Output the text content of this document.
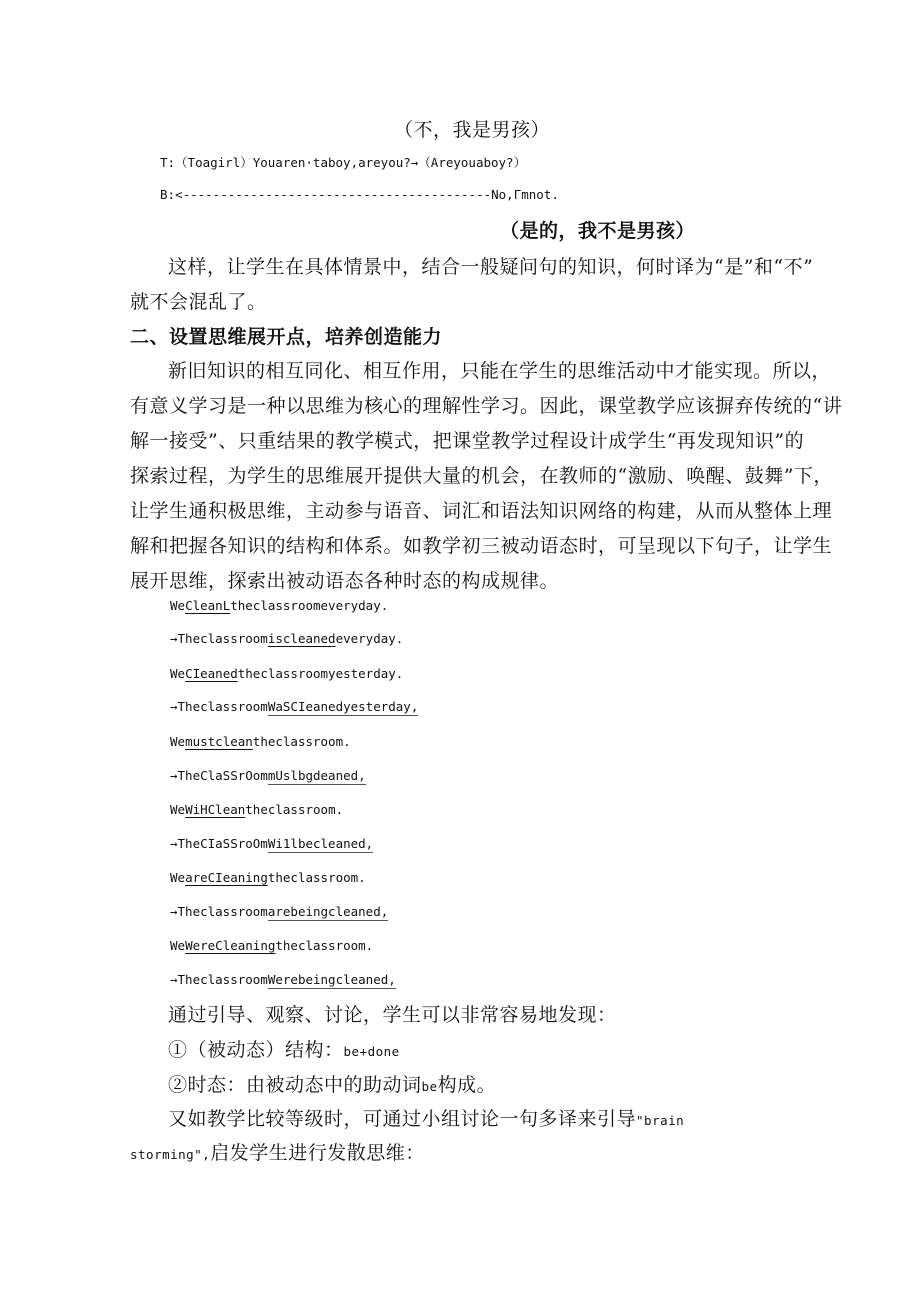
（不，我是男孩）
T:（Toagirl）Youaren·taboy,areyou?→（Areyouaboy?）
B:<-----------------------------------------No,Γmnot.
（是的，我不是男孩）
这样，让学生在具体情景中，结合一般疑问句的知识，何时译为“是”和“不”
就不会混乱了。
二、设置思维展开点，培养创造能力
新旧知识的相互同化、相互作用，只能在学生的思维活动中才能实现。所以，
有意义学习是一种以思维为核心的理解性学习。因此，课堂教学应该摒弃传统的“讲
解一接受”、只重结果的教学模式，把课堂教学过程设计成学生“再发现知识”的
探索过程，为学生的思维展开提供大量的机会，在教师的“激励、唤醒、鼓舞”下，
让学生通积极思维，主动参与语音、词汇和语法知识网络的构建，从而从整体上理
解和把握各知识的结构和体系。如教学初三被动语态时，可呈现以下句子，让学生
展开思维，探索出被动语态各种时态的构成规律。
WeCleanLtheclassroomeveryday.
→Theclassroomiscleanedeveryday.
WeCIeanedtheclassroomyesterday.
→TheclassroomWaSCIeanedyesterday,
Wemustcleantheclassroom.
→TheClaSSrOommUslbgdeaned,
WeWiHCleantheclassroom.
→TheCIaSSroOmWi1lbecleaned,
WeareCIeaningtheclassroom.
→Theclassroomarebeingcleaned,
WeWereCleaningtheclassroom.
→TheclassroomWerebeingcleaned,
通过引导、观察、讨论，学生可以非常容易地发现：
①（被动态）结构：be+done
②时态：由被动态中的助动词be构成。
又如教学比较等级时，可通过小组讨论一句多译来引导"brain
storming",启发学生进行发散思维：
